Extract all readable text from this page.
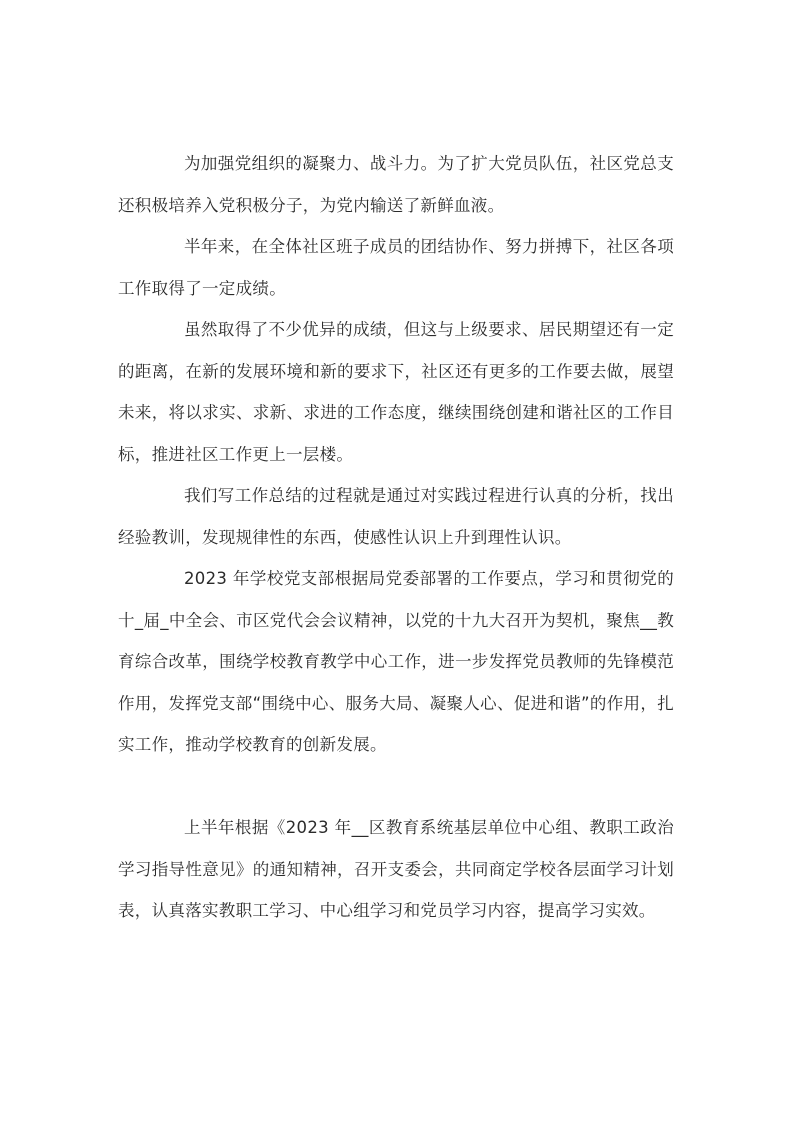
为加强党组织的凝聚力、战斗力。为了扩大党员队伍，社区党总支还积极培养入党积极分子，为党内输送了新鲜血液。

半年来，在全体社区班子成员的团结协作、努力拼搏下，社区各项工作取得了一定成绩。

虽然取得了不少优异的成绩，但这与上级要求、居民期望还有一定的距离，在新的发展环境和新的要求下，社区还有更多的工作要去做，展望未来，将以求实、求新、求进的工作态度，继续围绕创建和谐社区的工作目标，推进社区工作更上一层楼。

我们写工作总结的过程就是通过对实践过程进行认真的分析，找出经验教训，发现规律性的东西，使感性认识上升到理性认识。

2023 年学校党支部根据局党委部署的工作要点，学习和贯彻党的十_届_中全会、市区党代会会议精神，以党的十九大召开为契机，聚焦__教育综合改革，围绕学校教育教学中心工作，进一步发挥党员教师的先锋模范作用，发挥党支部“围绕中心、服务大局、凝聚人心、促进和谐”的作用，扎实工作，推动学校教育的创新发展。

上半年根据《2023 年__区教育系统基层单位中心组、教职工政治学习指导性意见》的通知精神，召开支委会，共同商定学校各层面学习计划表，认真落实教职工学习、中心组学习和党员学习内容，提高学习实效。
